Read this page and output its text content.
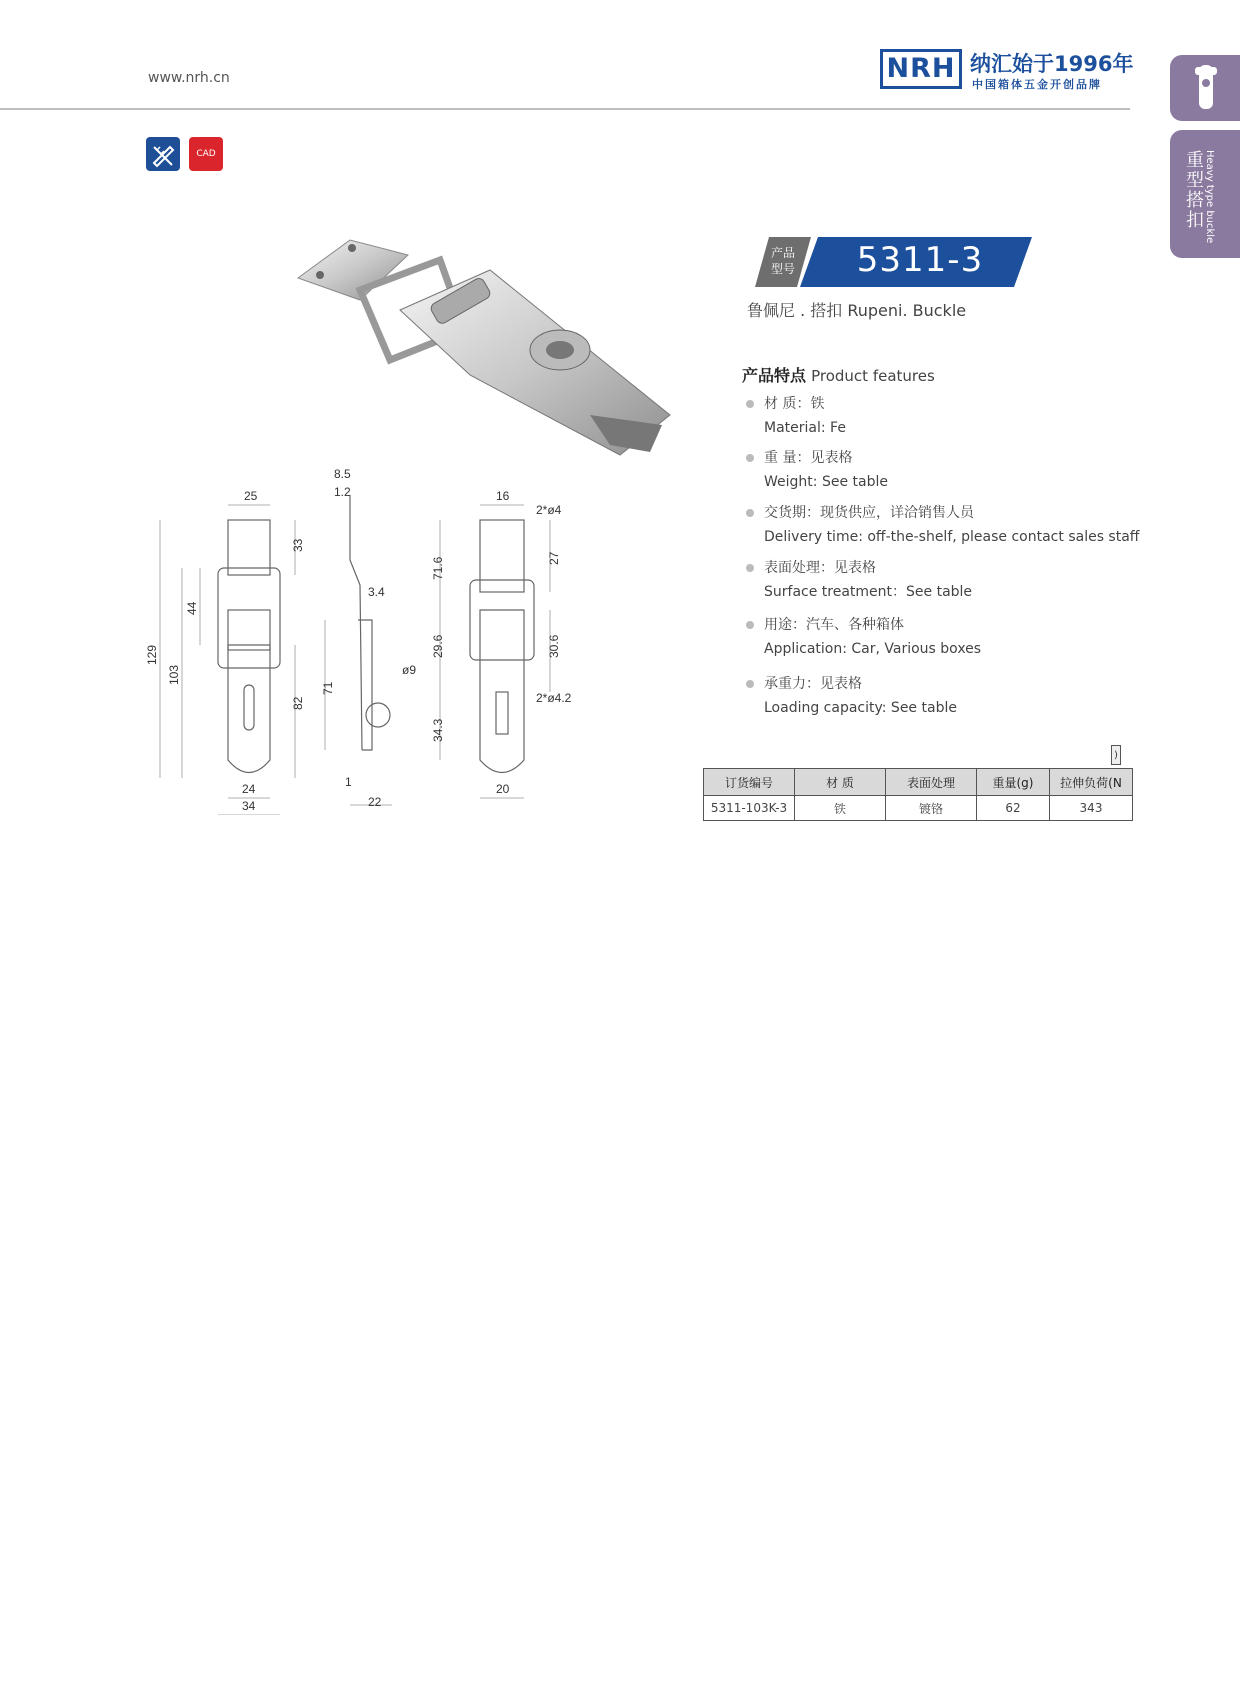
www.nrh.cn	NRH 纳汇始于1996年
中国箱体五金开创品牌
重型搭扣 Heavy type buckle
CAD
25
33
44
129
103
82
24
34
8.5
1.2
3.4
71
ø9
1
22
16
2*ø4
71.6	27
29.6	30.6
2*ø4.2
34.3
20
产品
型号	5311-3
鲁佩尼 . 搭扣 Rupeni. Buckle
产品特点 Product features
材 质：铁
Material: Fe
重 量：见表格
Weight: See table
交货期：现货供应，详洽销售人员
Delivery time: off-the-shelf, please contact sales staff
表面处理：见表格
Surface treatment：See table
用途：汽车、各种箱体
Application: Car, Various boxes
承重力：见表格
Loading capacity: See table
)
订货编号	材 质	表面处理	重量(g)	拉伸负荷(N
5311-103K-3	铁	镀铬	62	343
